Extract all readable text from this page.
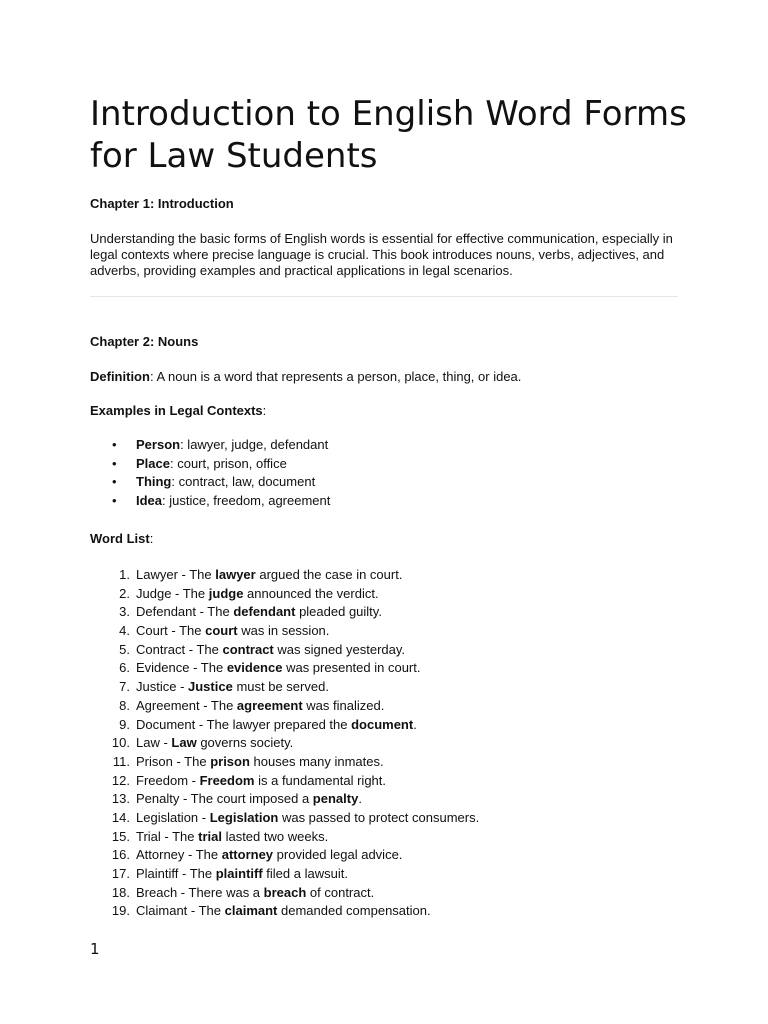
Introduction to English Word Forms for Law Students

Chapter 1: Introduction

Understanding the basic forms of English words is essential for effective communication, especially in legal contexts where precise language is crucial. This book introduces nouns, verbs, adjectives, and adverbs, providing examples and practical applications in legal scenarios.

Chapter 2: Nouns

Definition: A noun is a word that represents a person, place, thing, or idea.

Examples in Legal Contexts:

• Person: lawyer, judge, defendant
• Place: court, prison, office
• Thing: contract, law, document
• Idea: justice, freedom, agreement

Word List:

1. Lawyer - The lawyer argued the case in court.
2. Judge - The judge announced the verdict.
3. Defendant - The defendant pleaded guilty.
4. Court - The court was in session.
5. Contract - The contract was signed yesterday.
6. Evidence - The evidence was presented in court.
7. Justice - Justice must be served.
8. Agreement - The agreement was finalized.
9. Document - The lawyer prepared the document.
10. Law - Law governs society.
11. Prison - The prison houses many inmates.
12. Freedom - Freedom is a fundamental right.
13. Penalty - The court imposed a penalty.
14. Legislation - Legislation was passed to protect consumers.
15. Trial - The trial lasted two weeks.
16. Attorney - The attorney provided legal advice.
17. Plaintiff - The plaintiff filed a lawsuit.
18. Breach - There was a breach of contract.
19. Claimant - The claimant demanded compensation.
1
